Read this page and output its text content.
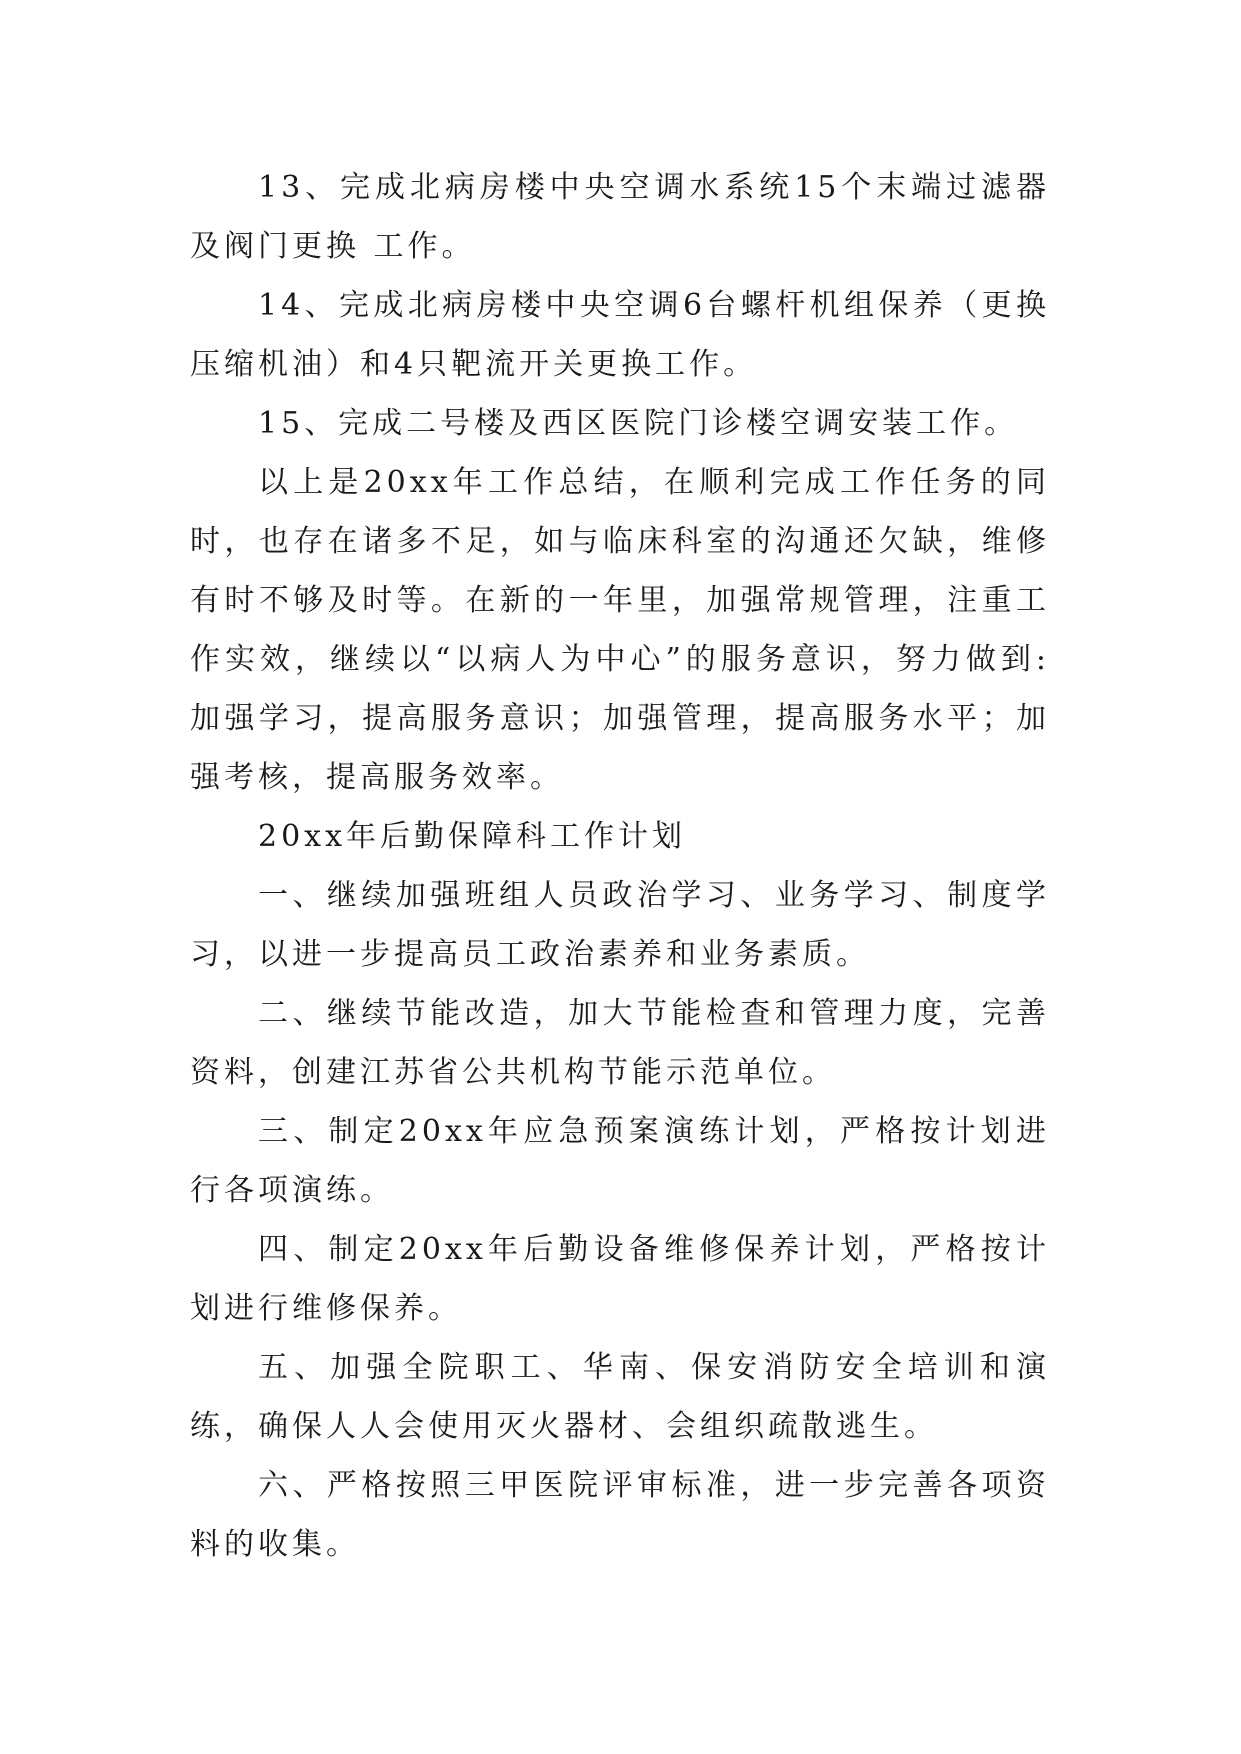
13、完成北病房楼中央空调水系统15个末端过滤器及阀门更换 工作。

14、完成北病房楼中央空调6台螺杆机组保养（更换压缩机油）和4只靶流开关更换工作。

15、完成二号楼及西区医院门诊楼空调安装工作。

以上是20xx年工作总结，在顺利完成工作任务的同时，也存在诸多不足，如与临床科室的沟通还欠缺，维修有时不够及时等。在新的一年里，加强常规管理，注重工作实效，继续以“以病人为中心”的服务意识，努力做到:加强学习，提高服务意识；加强管理，提高服务水平；加强考核，提高服务效率。

20xx年后勤保障科工作计划

一、继续加强班组人员政治学习、业务学习、制度学习，以进一步提高员工政治素养和业务素质。

二、继续节能改造，加大节能检查和管理力度，完善资料，创建江苏省公共机构节能示范单位。

三、制定20xx年应急预案演练计划，严格按计划进行各项演练。

四、制定20xx年后勤设备维修保养计划，严格按计划进行维修保养。

五、加强全院职工、华南、保安消防安全培训和演练，确保人人会使用灭火器材、会组织疏散逃生。

六、严格按照三甲医院评审标准，进一步完善各项资料的收集。
